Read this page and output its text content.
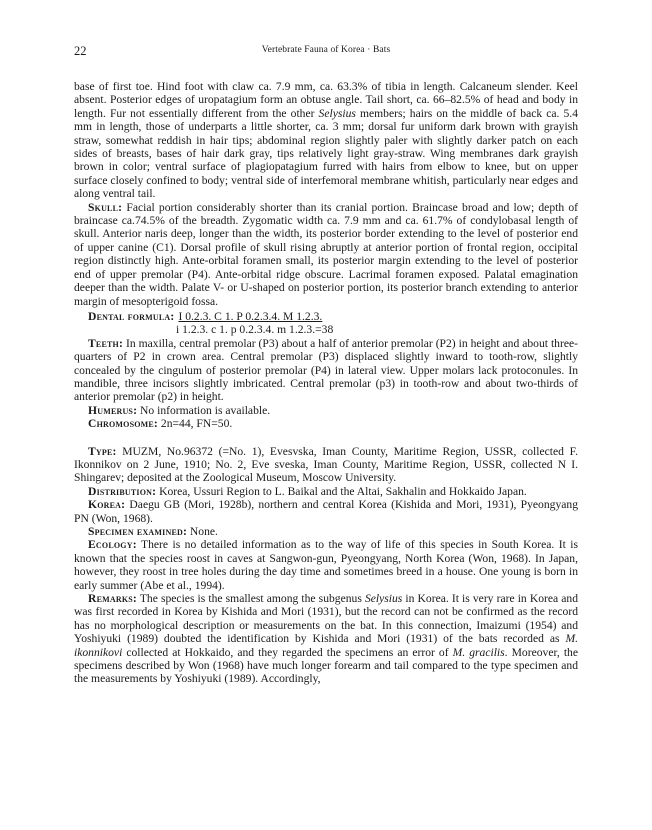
22	Vertebrate Fauna of Korea · Bats

base of first toe. Hind foot with claw ca. 7.9 mm, ca. 63.3% of tibia in length. Calcaneum slender. Keel absent. Posterior edges of uropatagium form an obtuse angle. Tail short, ca. 66–82.5% of head and body in length. Fur not essentially different from the other Selysius members; hairs on the middle of back ca. 5.4 mm in length, those of underparts a little shorter, ca. 3 mm; dorsal fur uniform dark brown with grayish straw, somewhat reddish in hair tips; abdominal region slightly paler with slightly darker patch on each sides of breasts, bases of hair dark gray, tips relatively light gray-straw. Wing membranes dark grayish brown in color; ventral surface of plagiopatagium furred with hairs from elbow to knee, but on upper surface closely confined to body; ventral side of interfemoral membrane whitish, particularly near edges and along ventral tail.

Skull: Facial portion considerably shorter than its cranial portion. Braincase broad and low; depth of braincase ca.74.5% of the breadth. Zygomatic width ca. 7.9 mm and ca. 61.7% of condylobasal length of skull. Anterior naris deep, longer than the width, its posterior border extending to the level of posterior end of upper canine (C1). Dorsal profile of skull rising abruptly at anterior portion of frontal region, occipital region distinctly high. Ante-orbital foramen small, its posterior margin extending to the level of posterior end of upper premolar (P4). Ante-orbital ridge obscure. Lacrimal foramen exposed. Palatal emagination deeper than the width. Palate V- or U-shaped on posterior portion, its posterior branch extending to anterior margin of mesopterigoid fossa.

Dental formula: I 0.2.3. C 1. P 0.2.3.4. M 1.2.3.
i 1.2.3. c 1. p 0.2.3.4. m 1.2.3.=38

Teeth: In maxilla, central premolar (P3) about a half of anterior premolar (P2) in height and about three-quarters of P2 in crown area. Central premolar (P3) displaced slightly inward to tooth-row, slightly concealed by the cingulum of posterior premolar (P4) in lateral view. Upper molars lack protoconules. In mandible, three incisors slightly imbricated. Central premolar (p3) in tooth-row and about two-thirds of anterior premolar (p2) in height.

Humerus: No information is available.

Chromosome: 2n=44, FN=50.

Type: MUZM, No.96372 (=No. 1), Evesvska, Iman County, Maritime Region, USSR, collected F. Ikonnikov on 2 June, 1910; No. 2, Eve sveska, Iman County, Maritime Region, USSR, collected N I. Shingarev; deposited at the Zoological Museum, Moscow University.

Distribution: Korea, Ussuri Region to L. Baikal and the Altai, Sakhalin and Hokkaido Japan.

Korea: Daegu GB (Mori, 1928b), northern and central Korea (Kishida and Mori, 1931), Pyeongyang PN (Won, 1968).

Specimen examined: None.

Ecology: There is no detailed information as to the way of life of this species in South Korea. It is known that the species roost in caves at Sangwon-gun, Pyeongyang, North Korea (Won, 1968). In Japan, however, they roost in tree holes during the day time and sometimes breed in a house. One young is born in early summer (Abe et al., 1994).

Remarks: The species is the smallest among the subgenus Selysius in Korea. It is very rare in Korea and was first recorded in Korea by Kishida and Mori (1931), but the record can not be confirmed as the record has no morphological description or measurements on the bat. In this connection, Imaizumi (1954) and Yoshiyuki (1989) doubted the identification by Kishida and Mori (1931) of the bats recorded as M. ikonnikovi collected at Hokkaido, and they regarded the specimens an error of M. gracilis. Moreover, the specimens described by Won (1968) have much longer forearm and tail compared to the type specimen and the measurements by Yoshiyuki (1989). Accordingly,
